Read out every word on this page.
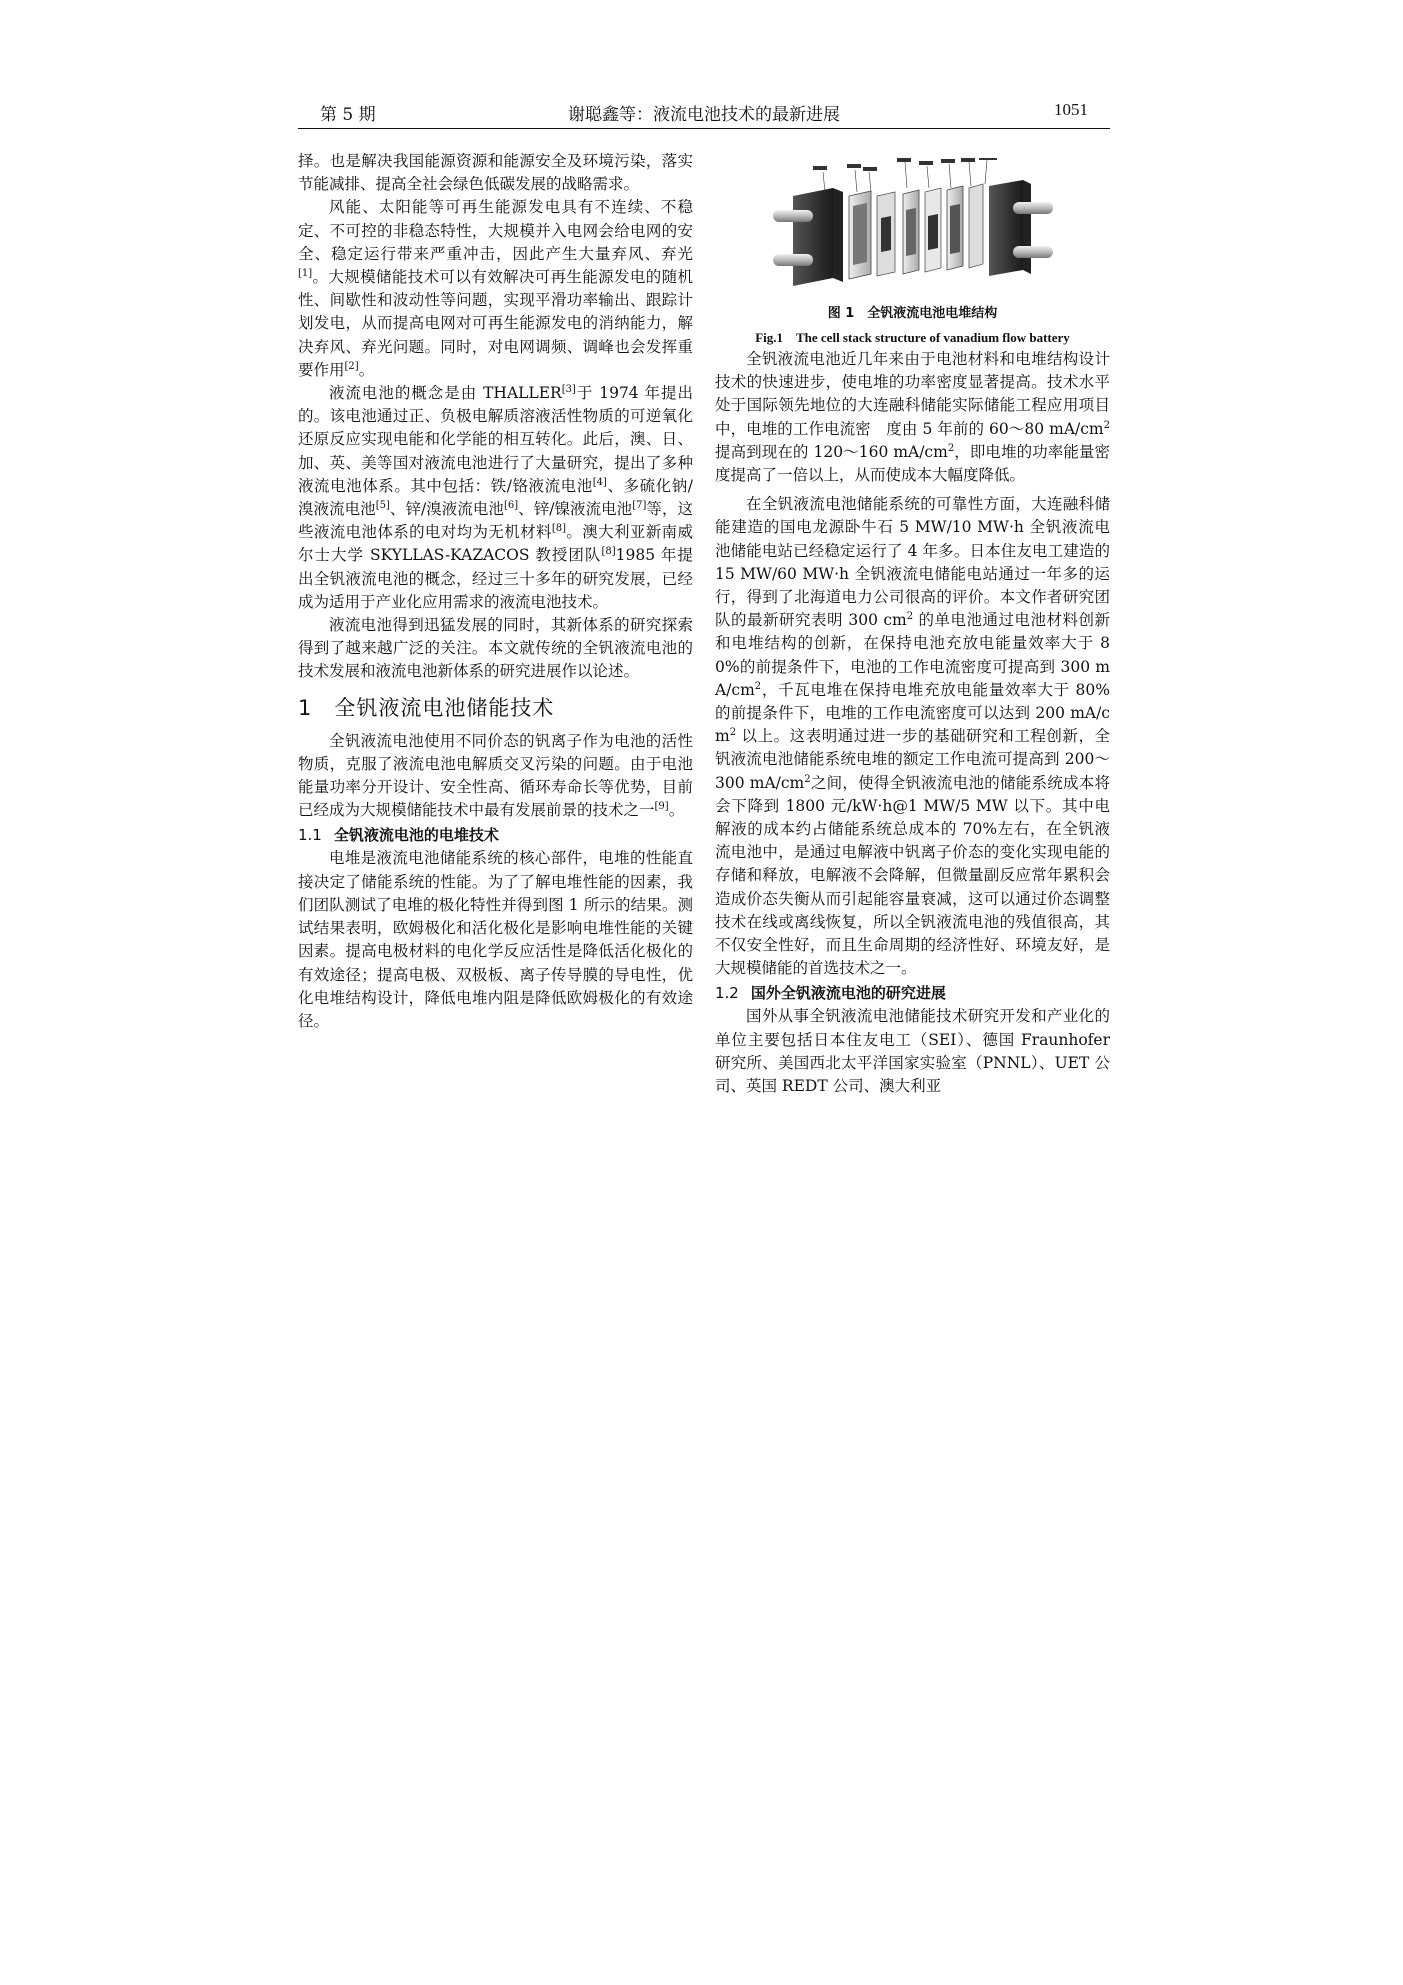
第 5 期	谢聪鑫等：液流电池技术的最新进展	1051

择。也是解决我国能源资源和能源安全及环境污染，落实节能减排、提高全社会绿色低碳发展的战略需求。

风能、太阳能等可再生能源发电具有不连续、不稳定、不可控的非稳态特性，大规模并入电网会给电网的安全、稳定运行带来严重冲击，因此产生大量弃风、弃光[1]。大规模储能技术可以有效解决可再生能源发电的随机性、间歇性和波动性等问题，实现平滑功率输出、跟踪计划发电，从而提高电网对可再生能源发电的消纳能力，解决弃风、弃光问题。同时，对电网调频、调峰也会发挥重要作用[2]。

液流电池的概念是由 THALLER[3]于 1974 年提出的。该电池通过正、负极电解质溶液活性物质的可逆氧化还原反应实现电能和化学能的相互转化。此后，澳、日、加、英、美等国对液流电池进行了大量研究，提出了多种液流电池体系。其中包括：铁/铬液流电池[4]、多硫化钠/溴液流电池[5]、锌/溴液流电池[6]、锌/镍液流电池[7]等，这些液流电池体系的电对均为无机材料[8]。澳大利亚新南威尔士大学 SKYLLAS-KAZACOS 教授团队[8]1985 年提出全钒液流电池的概念，经过三十多年的研究发展，已经成为适用于产业化应用需求的液流电池技术。

液流电池得到迅猛发展的同时，其新体系的研究探索得到了越来越广泛的关注。本文就传统的全钒液流电池的技术发展和液流电池新体系的研究进展作以论述。

1 全钒液流电池储能技术

全钒液流电池使用不同价态的钒离子作为电池的活性物质，克服了液流电池电解质交叉污染的问题。由于电池能量功率分开设计、安全性高、循环寿命长等优势，目前已经成为大规模储能技术中最有发展前景的技术之一[9]。

1.1 全钒液流电池的电堆技术

电堆是液流电池储能系统的核心部件，电堆的性能直接决定了储能系统的性能。为了了解电堆性能的因素，我们团队测试了电堆的极化特性并得到图 1 所示的结果。测试结果表明，欧姆极化和活化极化是影响电堆性能的关键因素。提高电极材料的电化学反应活性是降低活化极化的有效途径；提高电极、双极板、离子传导膜的导电性，优化电堆结构设计，降低电堆内阻是降低欧姆极化的有效途径。

图 1　全钒液流电池电堆结构
Fig.1　The cell stack structure of vanadium flow battery

全钒液流电池近几年来由于电池材料和电堆结构设计技术的快速进步，使电堆的功率密度显著提高。技术水平处于国际领先地位的大连融科储能实际储能工程应用项目中，电堆的工作电流密　度由 5 年前的 60～80 $mA/cm^2$ 提高到现在的 120～160 $mA/cm^2$，即电堆的功率能量密度提高了一倍以上，从而使成本大幅度降低。

在全钒液流电池储能系统的可靠性方面，大连融科储能建造的国电龙源卧牛石 5 MW/10 MW·h 全钒液流电池储能电站已经稳定运行了 4 年多。日本住友电工建造的 15 MW/60 MW·h 全钒液流电储能电站通过一年多的运行，得到了北海道电力公司很高的评价。本文作者研究团队的最新研究表明 300 $cm^2$ 的单电池通过电池材料创新和电堆结构的创新，在保持电池充放电能量效率大于 80%的前提条件下，电池的工作电流密度可提高到 300 $mA/cm^2$，千瓦电堆在保持电堆充放电能量效率大于 80%的前提条件下，电堆的工作电流密度可以达到 200 $mA/cm^2$ 以上。这表明通过进一步的基础研究和工程创新，全钒液流电池储能系统电堆的额定工作电流可提高到 200～300 $mA/cm^2$之间，使得全钒液流电池的储能系统成本将会下降到 1800 元/kW·h@1 MW/5 MW 以下。其中电解液的成本约占储能系统总成本的 70%左右，在全钒液流电池中，是通过电解液中钒离子价态的变化实现电能的存储和释放，电解液不会降解，但微量副反应常年累积会造成价态失衡从而引起能容量衰减，这可以通过价态调整技术在线或离线恢复，所以全钒液流电池的残值很高，其不仅安全性好，而且生命周期的经济性好、环境友好，是大规模储能的首选技术之一。

1.2 国外全钒液流电池的研究进展

国外从事全钒液流电池储能技术研究开发和产业化的单位主要包括日本住友电工（SEI）、德国 Fraunhofer 研究所、美国西北太平洋国家实验室（PNNL）、UET 公司、英国 REDT 公司、澳大利亚
